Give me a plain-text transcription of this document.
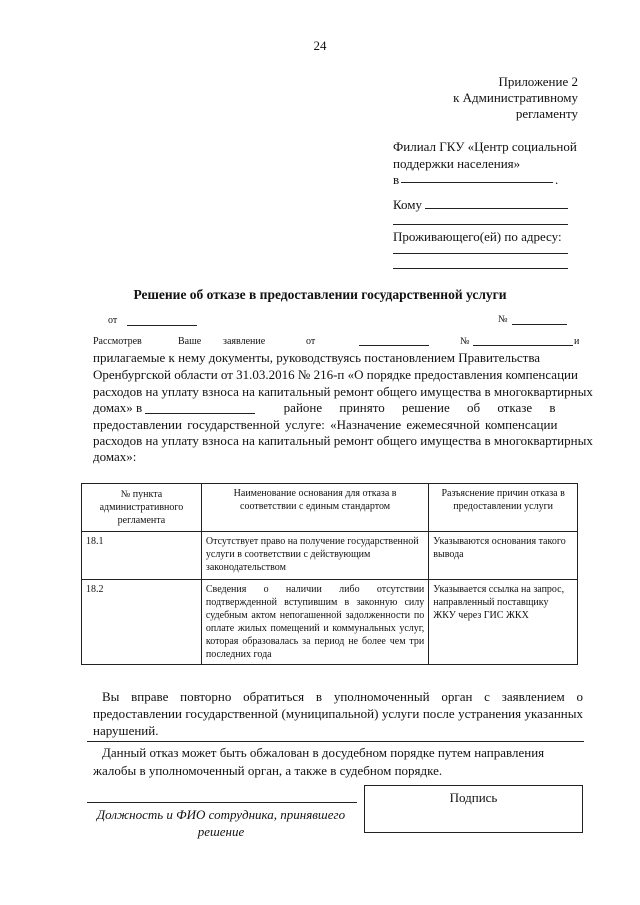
24
Приложение 2
к Административному регламенту
Филиал ГКУ «Центр социальной
поддержки населения»
в	.
Кому
Проживающего(ей) по адресу:
Решение об отказе в предоставлении государственной услуги
от	№
Рассмотрев	Ваше заявление	от	№	и
прилагаемые к нему документы, руководствуясь постановлением Правительства
Оренбургской области от 31.03.2016 № 216-п «О порядке предоставления компенсации
расходов на уплату взноса на капитальный ремонт общего имущества в многоквартирных
домах» в	районе принято решение об отказе в
предоставлении государственной услуге: «Назначение ежемесячной компенсации
расходов на уплату взноса на капитальный ремонт общего имущества в многоквартирных
домах»:
№ пункта административного регламента	Наименование основания для отказа в соответствии с единым стандартом	Разъяснение причин отказа в предоставлении услуги
18.1	Отсутствует право на получение государственной услуги в соответствии с действующим законодательством	Указываются основания такого вывода
18.2	Сведения о наличии либо отсутствии подтвержденной вступившим в законную силу судебным актом непогашенной задолженности по оплате жилых помещений и коммунальных услуг, которая образовалась за период не более чем три последних года	Указывается ссылка на запрос, направленный поставщику ЖКУ через ГИС ЖКХ
Вы вправе повторно обратиться в уполномоченный орган с заявлением о предоставлении государственной (муниципальной) услуги после устранения указанных нарушений.
Данный отказ может быть обжалован в досудебном порядке путем направления жалобы в уполномоченный орган, а также в судебном порядке.
Должность и ФИО сотрудника, принявшего решение
Подпись
